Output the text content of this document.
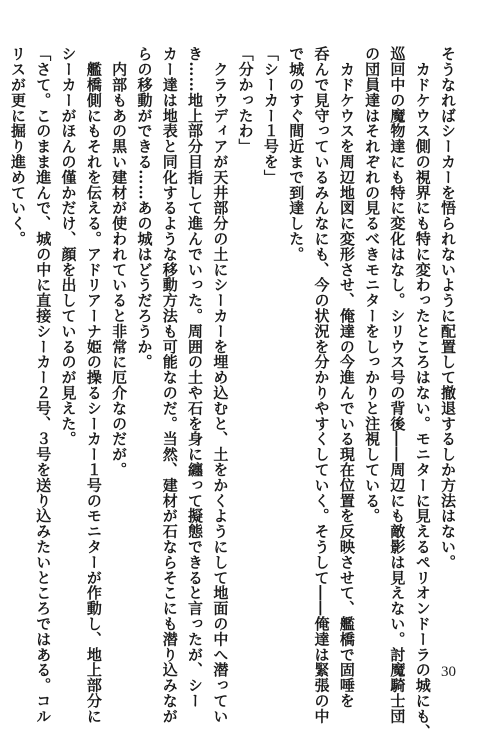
そうなればシーカーを悟られないように配置して撤退するしか方法はない。
　カドケウス側の視界にも特に変わったところはない。モニターに見えるペリオンドーラの城にも、
巡回中の魔物達にも特に変化はなし。シリウス号の背後――周辺にも敵影は見えない。討魔騎士団
の団員達はそれぞれの見るべきモニターをしっかりと注視している。
　カドケウスを周辺地図に変形させ、俺達の今進んでいる現在位置を反映させて、艦橋で固唾を
呑んで見守っているみんなにも、今の状況を分かりやすくしていく。そうして――俺達は緊張の中
で城のすぐ間近まで到達した。
「シーカー１号を」
「分かったわ」
　クラウディアが天井部分の土にシーカーを埋め込むと、土をかくようにして地面の中へ潜ってい
き……地上部分目指して進んでいった。周囲の土や石を身に纏って擬態できると言ったが、シー
カー達は地表と同化するような移動方法も可能なのだ。当然、建材が石ならそこにも潜り込みなが
らの移動ができる……あの城はどうだろうか。
　内部もあの黒い建材が使われていると非常に厄介なのだが。
　艦橋側にもそれを伝える。アドリアーナ姫の操るシーカー１号のモニターが作動し、地上部分に
シーカーがほんの僅かだけ、顔を出しているのが見えた。
「さて。このまま進んで、城の中に直接シーカー２号、３号を送り込みたいところではある。コル
リスが更に掘り進めていく。
30
